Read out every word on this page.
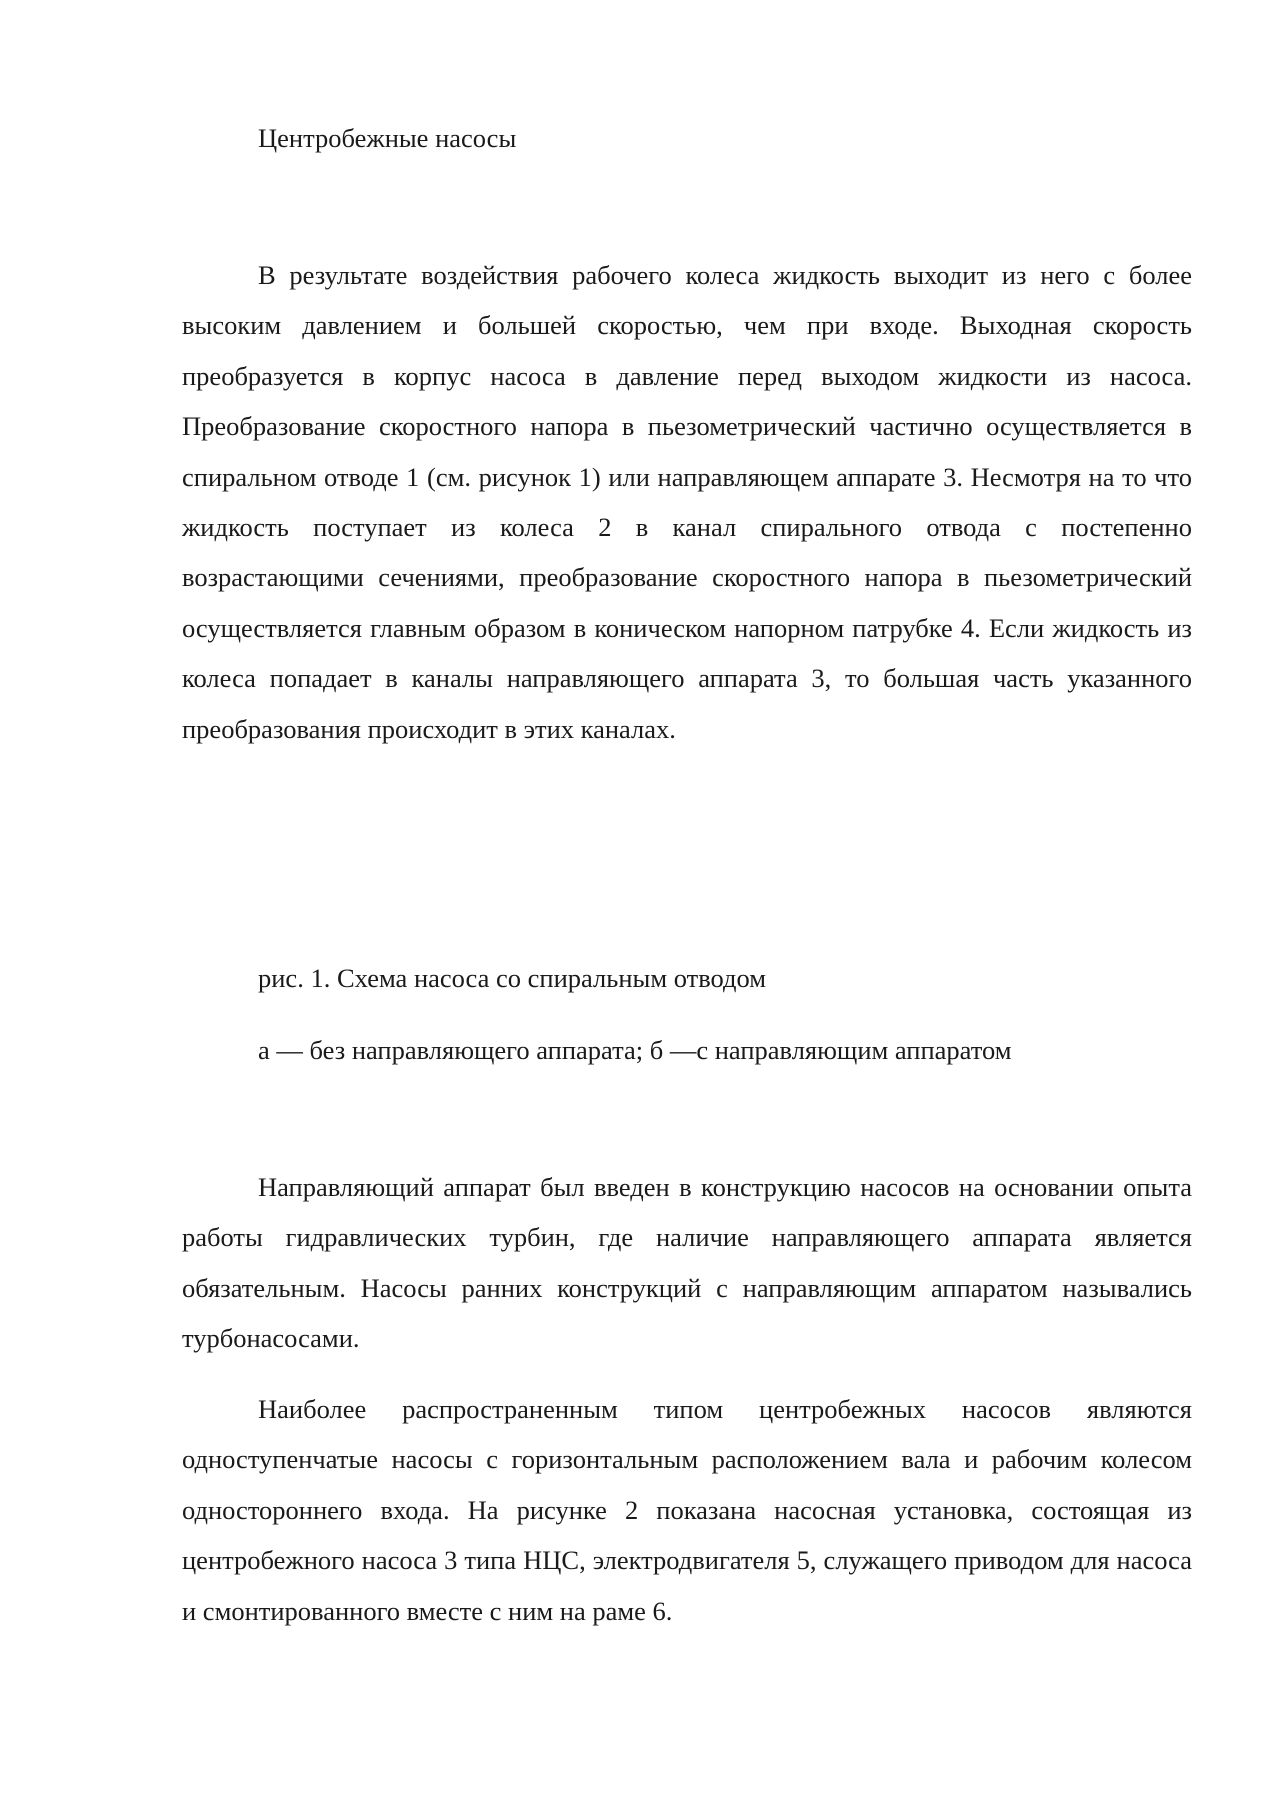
Центробежные насосы

В результате воздействия рабочего колеса жидкость выходит из него с более высоким давлением и большей скоростью, чем при входе. Выходная скорость преобразуется в корпус насоса в давление перед выходом жидкости из насоса. Преобразование скоростного напора в пьезометрический частично осуществляется в спиральном отводе 1 (см. рисунок 1) или направляющем аппарате 3. Несмотря на то что жидкость поступает из колеса 2 в канал спирального отвода с постепенно возрастающими сечениями, преобразование скоростного напора в пьезометрический осуществляется главным образом в коническом напорном патрубке 4. Если жидкость из колеса попадает в каналы направляющего аппарата 3, то большая часть указанного преобразования происходит в этих каналах.

рис. 1. Схема насоса со спиральным отводом

а — без направляющего аппарата; б —с направляющим аппаратом

Направляющий аппарат был введен в конструкцию насосов на основании опыта работы гидравлических турбин, где наличие направляющего аппарата является обязательным. Насосы ранних конструкций с направляющим аппаратом назывались турбонасосами.

Наиболее распространенным типом центробежных насосов являются одноступенчатые насосы с горизонтальным расположением вала и рабочим колесом одностороннего входа. На рисунке 2 показана насосная установка, состоящая из центробежного насоса 3 типа НЦС, электродвигателя 5, служащего приводом для насоса и смонтированного вместе с ним на раме 6.
